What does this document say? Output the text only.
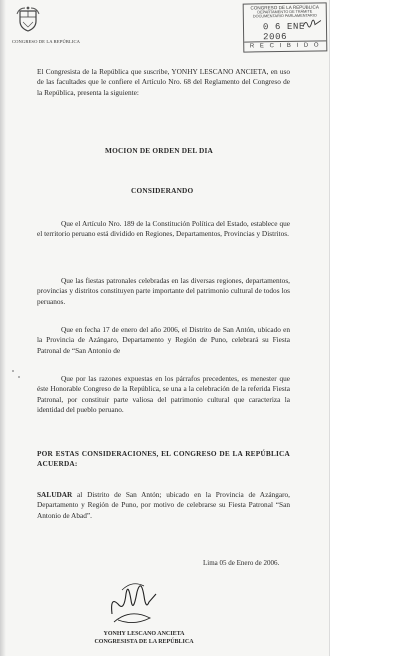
CONGRESO DE LA REPÚBLICA
CONGRESO DE LA REPÚBLICA
DEPARTAMENTO DE TRÁMITE
DOCUMENTARIO PARLAMENTARIO
0 6 ENE 2006
R E C I B I D O
El Congresista de la República que suscribe, YONHY LESCANO ANCIETA, en uso de las facultades que le confiere el Artículo Nro. 68 del Reglamento del Congreso de la República, presenta la siguiente:
MOCION DE ORDEN DEL DIA
CONSIDERANDO
Que el Artículo Nro. 189 de la Constitución Política del Estado, establece que el territorio peruano está dividido en Regiones, Departamentos, Provincias y Distritos.
Que las fiestas patronales celebradas en las diversas regiones, departamentos, provincias y distritos constituyen parte importante del patrimonio cultural de todos los peruanos.
Que en fecha 17 de enero del año 2006, el Distrito de San Antón, ubicado en la Provincia de Azángaro, Departamento y Región de Puno, celebrará su Fiesta Patronal de “San Antonio de
Que por las razones expuestas en los párrafos precedentes, es menester que éste Honorable Congreso de la República, se una a la celebración de la referida Fiesta Patronal, por constituir parte valiosa del patrimonio cultural que caracteriza la identidad del pueblo peruano.
POR ESTAS CONSIDERACIONES, EL CONGRESO DE LA REPÚBLICA ACUERDA:
SALUDAR al Distrito de San Antón; ubicado en la Provincia de Azángaro, Departamento y Región de Puno, por motivo de celebrarse su Fiesta Patronal “San Antonio de Abad”.
Lima 05 de Enero de 2006.
YONHY LESCANO ANCIETA
CONGRESISTA DE LA REPÚBLICA
